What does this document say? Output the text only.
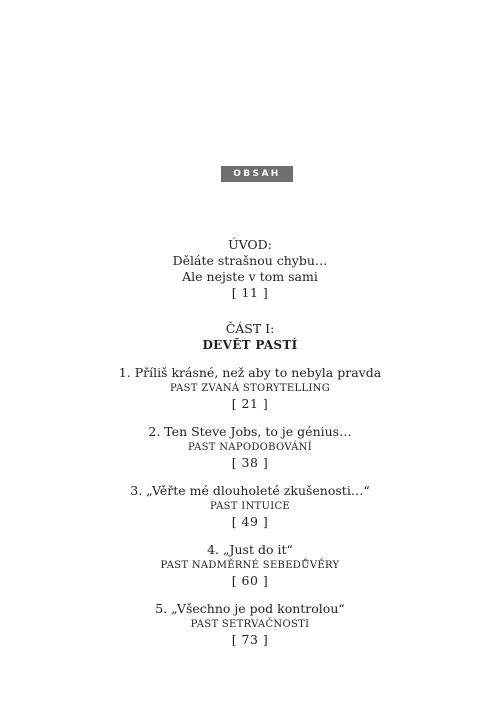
OBSAH
ÚVOD:
Děláte strašnou chybu…
Ale nejste v tom sami
[ 11 ]
ČÁST I:
DEVĚT PASTÍ
1. Příliš krásné, než aby to nebyla pravda
PAST ZVANÁ STORYTELLING
[ 21 ]
2. Ten Steve Jobs, to je génius…
PAST NAPODOBOVÁNÍ
[ 38 ]
3. „Věřte mé dlouholeté zkušenosti…“
PAST INTUICE
[ 49 ]
4. „Just do it“
PAST NADMĚRNÉ SEBEDŮVĚRY
[ 60 ]
5. „Všechno je pod kontrolou“
PAST SETRVAČNOSTI
[ 73 ]
